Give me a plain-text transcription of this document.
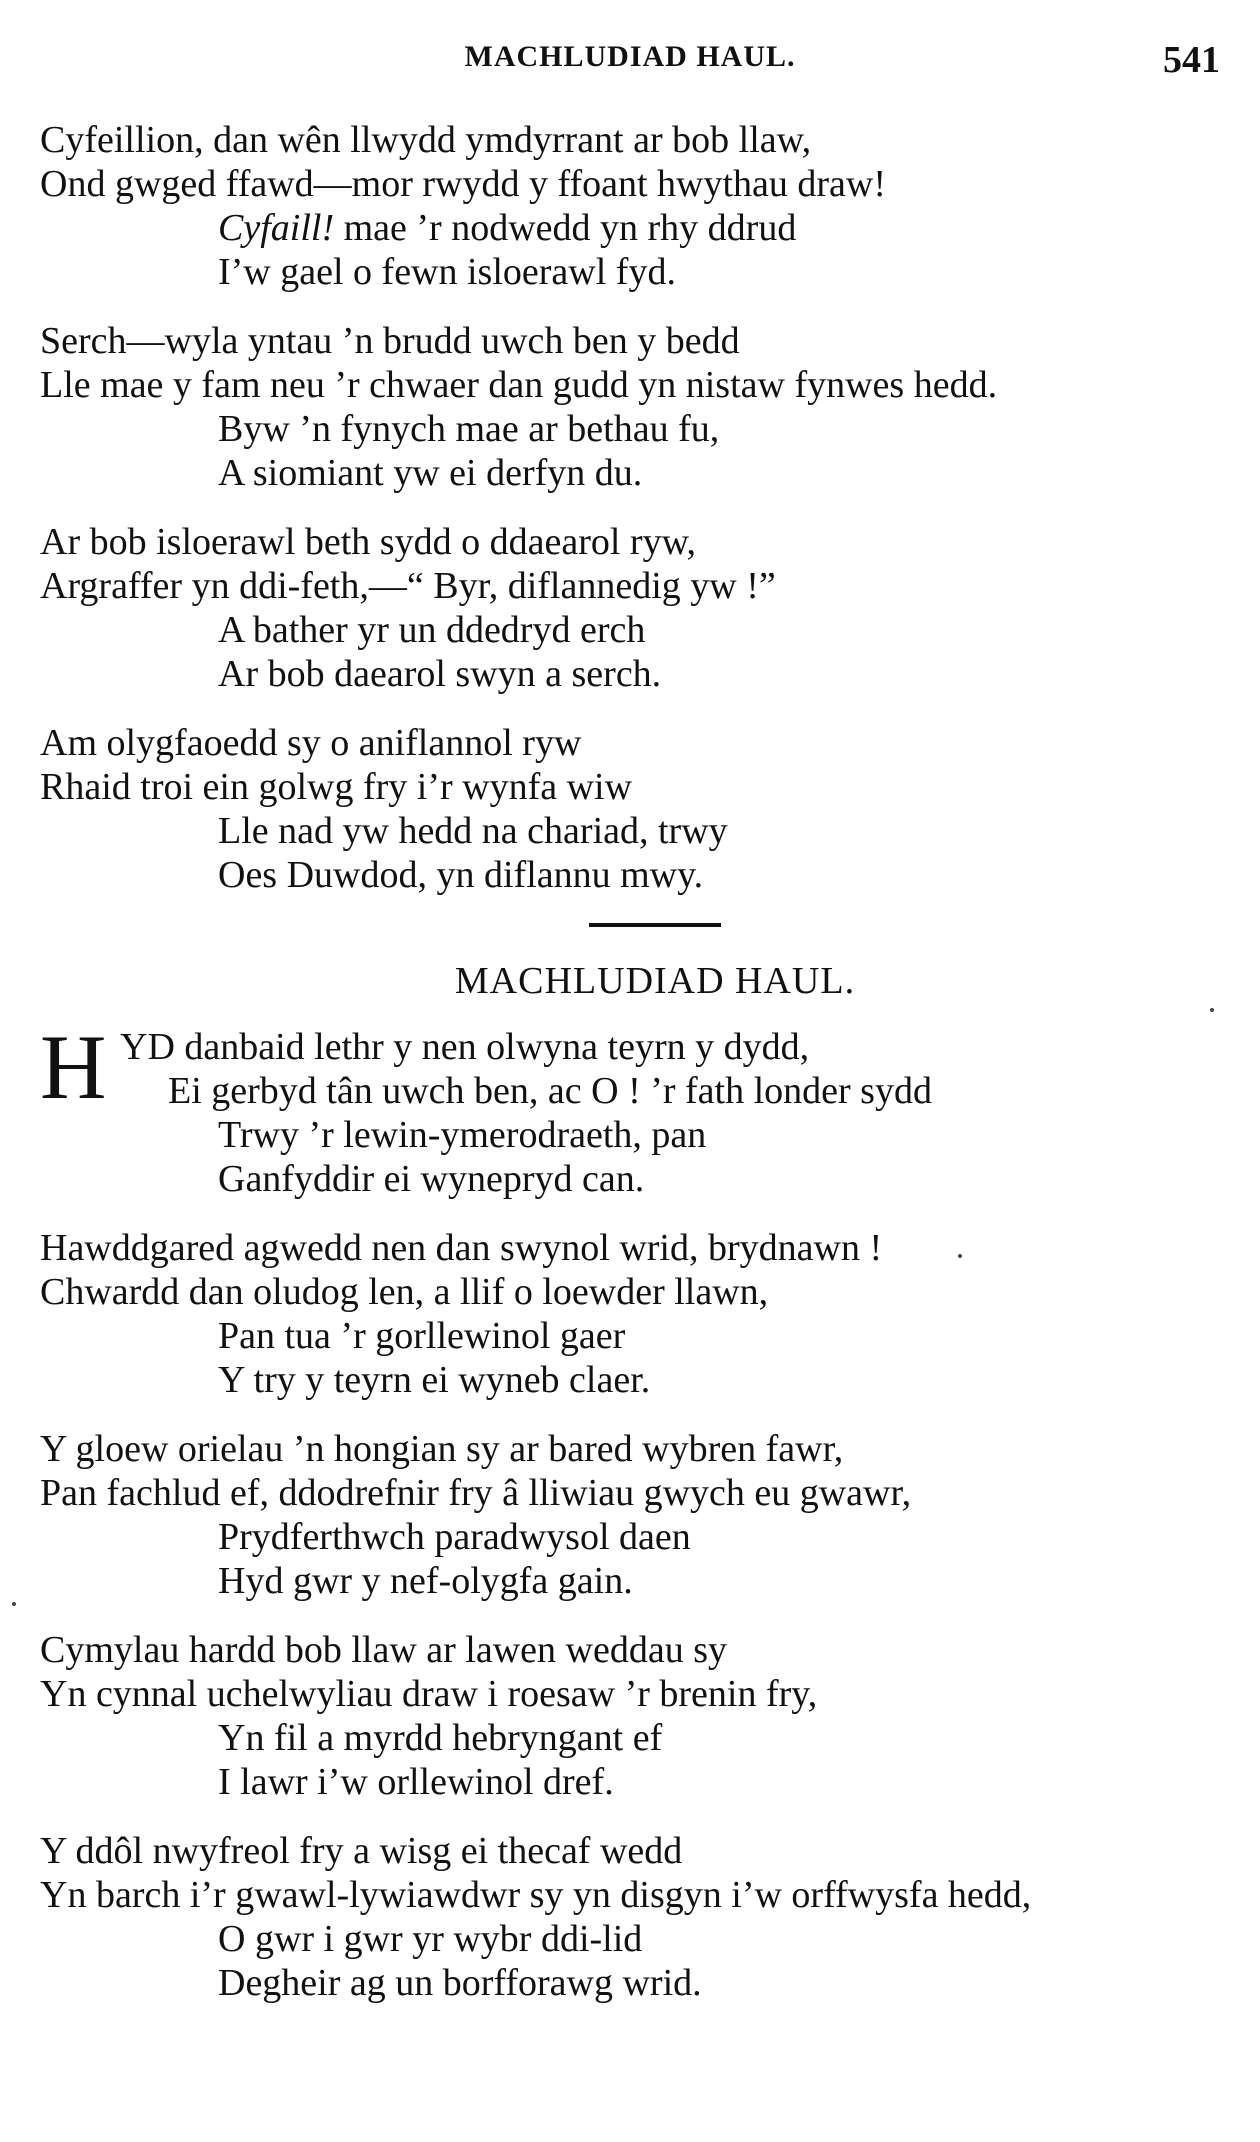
MACHLUDIAD HAUL.	541
Cyfeillion, dan wên llwydd ymdyrrant ar bob llaw,
Ond gwged ffawd—mor rwydd y ffoant hwythau draw!
Cyfaill! mae ’r nodwedd yn rhy ddrud
I’w gael o fewn isloerawl fyd.
Serch—wyla yntau ’n brudd uwch ben y bedd
Lle mae y fam neu ’r chwaer dan gudd yn nistaw fynwes hedd.
Byw ’n fynych mae ar bethau fu,
A siomiant yw ei derfyn du.
Ar bob isloerawl beth sydd o ddaearol ryw,
Argraffer yn ddi-feth,—“ Byr, diflannedig yw !”
A bather yr un ddedryd erch
Ar bob daearol swyn a serch.
Am olygfaoedd sy o aniflannol ryw
Rhaid troi ein golwg fry i’r wynfa wiw
Lle nad yw hedd na chariad, trwy
Oes Duwdod, yn diflannu mwy.
MACHLUDIAD HAUL.
H YD danbaid lethr y nen olwyna teyrn y dydd,
Ei gerbyd tân uwch ben, ac O ! ’r fath londer sydd
Trwy ’r lewin-ymerodraeth, pan
Ganfyddir ei wynepryd can.
Hawddgared agwedd nen dan swynol wrid, brydnawn !
Chwardd dan oludog len, a llif o loewder llawn,
Pan tua ’r gorllewinol gaer
Y try y teyrn ei wyneb claer.
Y gloew orielau ’n hongian sy ar bared wybren fawr,
Pan fachlud ef, ddodrefnir fry â lliwiau gwych eu gwawr,
Prydferthwch paradwysol daen
Hyd gwr y nef-olygfa gain.
Cymylau hardd bob llaw ar lawen weddau sy
Yn cynnal uchelwyliau draw i roesaw ’r brenin fry,
Yn fil a myrdd hebryngant ef
I lawr i’w orllewinol dref.
Y ddôl nwyfreol fry a wisg ei thecaf wedd
Yn barch i’r gwawl-lywiawdwr sy yn disgyn i’w orffwysfa hedd,
O gwr i gwr yr wybr ddi-lid
Degheir ag un borfforawg wrid.
